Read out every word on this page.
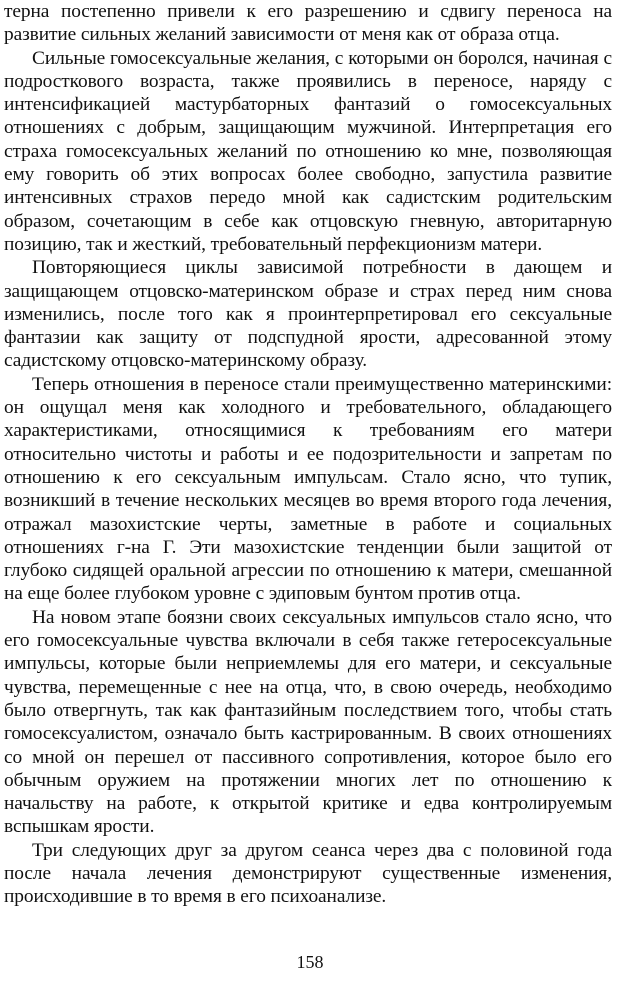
терна постепенно привели к его разрешению и сдвигу переноса на развитие сильных желаний зависимости от меня как от образа отца.

Сильные гомосексуальные желания, с которыми он боролся, начиная с подросткового возраста, также проявились в переносе, наряду с интенсификацией мастурбаторных фантазий о гомосексуальных отношениях с добрым, защищающим мужчиной. Интерпретация его страха гомосексуальных желаний по отношению ко мне, позволяющая ему говорить об этих вопросах более свободно, запустила развитие интенсивных страхов передо мной как садистским родительским образом, сочетающим в себе как отцовскую гневную, авторитарную позицию, так и жесткий, требовательный перфекционизм матери.

Повторяющиеся циклы зависимой потребности в дающем и защищающем отцовско-материнском образе и страх перед ним снова изменились, после того как я проинтерпретировал его сексуальные фантазии как защиту от подспудной ярости, адресованной этому садистскому отцовско-материнскому образу.

Теперь отношения в переносе стали преимущественно материнскими: он ощущал меня как холодного и требовательного, обладающего характеристиками, относящимися к требованиям его матери относительно чистоты и работы и ее подозрительности и запретам по отношению к его сексуальным импульсам. Стало ясно, что тупик, возникший в течение нескольких месяцев во время второго года лечения, отражал мазохистские черты, заметные в работе и социальных отношениях г-на Г. Эти мазохистские тенденции были защитой от глубоко сидящей оральной агрессии по отношению к матери, смешанной на еще более глубоком уровне с эдиповым бунтом против отца.

На новом этапе боязни своих сексуальных импульсов стало ясно, что его гомосексуальные чувства включали в себя также гетеросексуальные импульсы, которые были неприемлемы для его матери, и сексуальные чувства, перемещенные с нее на отца, что, в свою очередь, необходимо было отвергнуть, так как фантазийным последствием того, чтобы стать гомосексуалистом, означало быть кастрированным. В своих отношениях со мной он перешел от пассивного сопротивления, которое было его обычным оружием на протяжении многих лет по отношению к начальству на работе, к открытой критике и едва контролируемым вспышкам ярости.

Три следующих друг за другом сеанса через два с половиной года после начала лечения демонстрируют существенные изменения, происходившие в то время в его психоанализе.

158
